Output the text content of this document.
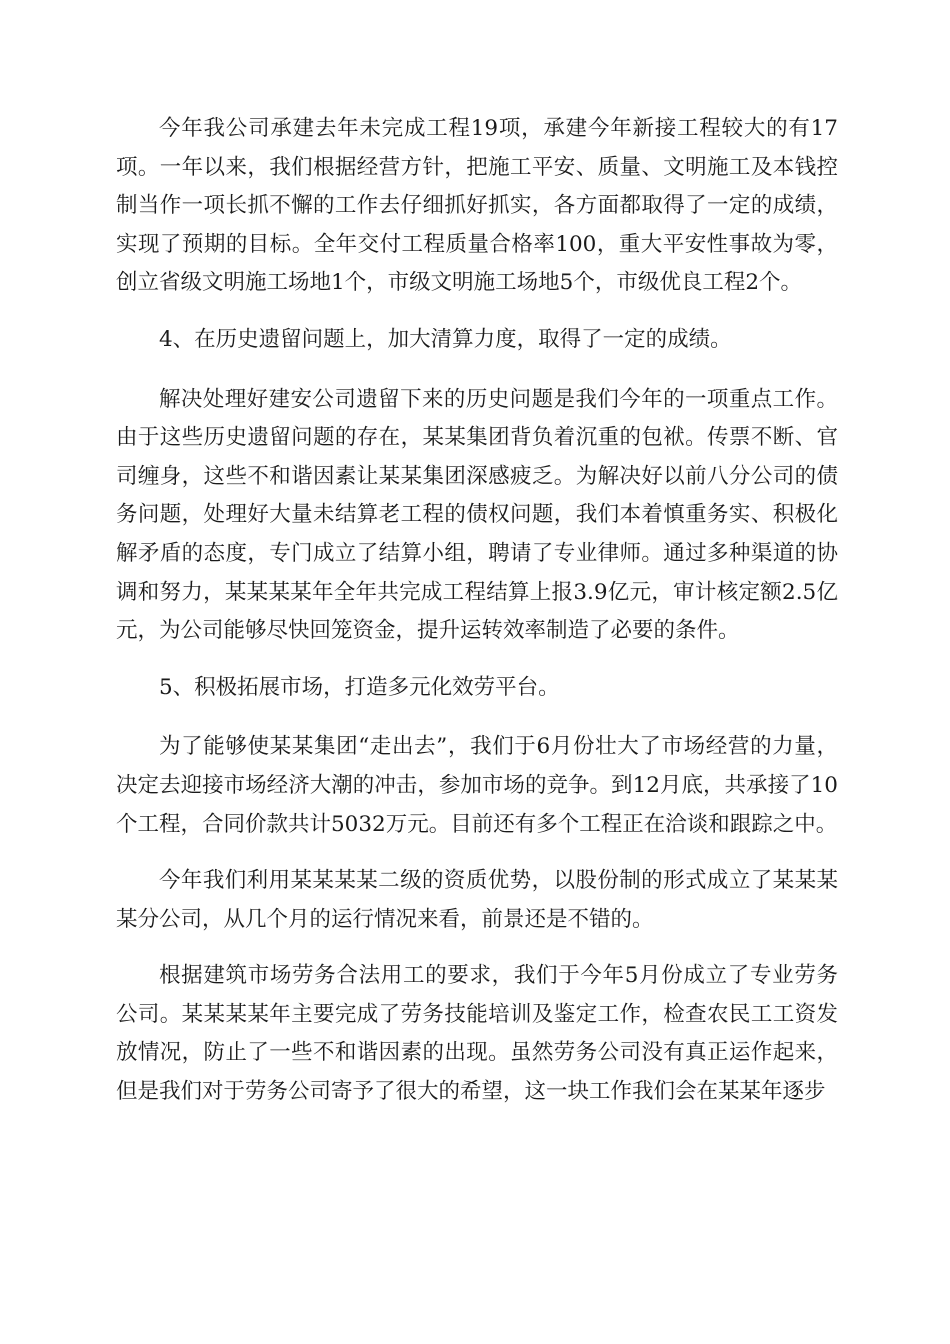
今年我公司承建去年未完成工程19项，承建今年新接工程较大的有17项。一年以来，我们根据经营方针，把施工平安、质量、文明施工及本钱控制当作一项长抓不懈的工作去仔细抓好抓实，各方面都取得了一定的成绩，实现了预期的目标。全年交付工程质量合格率100，重大平安性事故为零，创立省级文明施工场地1个，市级文明施工场地5个，市级优良工程2个。

4、在历史遗留问题上，加大清算力度，取得了一定的成绩。

解决处理好建安公司遗留下来的历史问题是我们今年的一项重点工作。由于这些历史遗留问题的存在，某某集团背负着沉重的包袱。传票不断、官司缠身，这些不和谐因素让某某集团深感疲乏。为解决好以前八分公司的债务问题，处理好大量未结算老工程的债权问题，我们本着慎重务实、积极化解矛盾的态度，专门成立了结算小组，聘请了专业律师。通过多种渠道的协调和努力，某某某某年全年共完成工程结算上报3.9亿元，审计核定额2.5亿元，为公司能够尽快回笼资金，提升运转效率制造了必要的条件。

5、积极拓展市场，打造多元化效劳平台。

为了能够使某某集团“走出去”，我们于6月份壮大了市场经营的力量，决定去迎接市场经济大潮的冲击，参加市场的竞争。到12月底，共承接了10个工程，合同价款共计5032万元。目前还有多个工程正在洽谈和跟踪之中。

今年我们利用某某某某二级的资质优势，以股份制的形式成立了某某某某分公司，从几个月的运行情况来看，前景还是不错的。

根据建筑市场劳务合法用工的要求，我们于今年5月份成立了专业劳务公司。某某某某年主要完成了劳务技能培训及鉴定工作，检查农民工工资发放情况，防止了一些不和谐因素的出现。虽然劳务公司没有真正运作起来，但是我们对于劳务公司寄予了很大的希望，这一块工作我们会在某某年逐步
